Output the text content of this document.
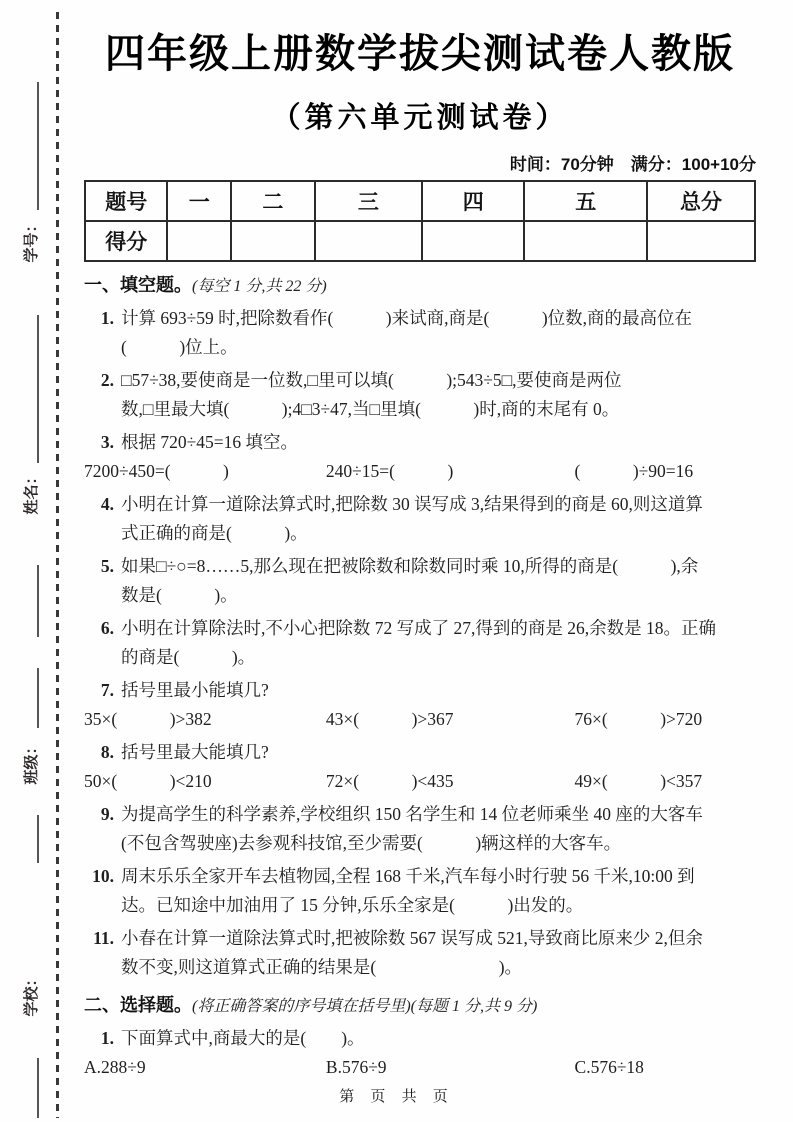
学号：
姓名：
班级：
学校：
四年级上册数学拔尖测试卷人教版
（第六单元测试卷）
时间：70分钟　满分：100+10分
题号	一	二	三	四	五	总分
得分						
一、填空题。(每空 1 分,共 22 分)
1. 计算 693÷59 时,把除数看作(　　　)来试商,商是(　　　)位数,商的最高位在
(　　　)位上。
2. □57÷38,要使商是一位数,□里可以填(　　　);543÷5□,要使商是两位
数,□里最大填(　　　);4□3÷47,当□里填(　　　)时,商的末尾有 0。
3. 根据 720÷45=16 填空。
7200÷450=(　　　)	240÷15=(　　　)	(　　　)÷90=16
4. 小明在计算一道除法算式时,把除数 30 误写成 3,结果得到的商是 60,则这道算
式正确的商是(　　　)。
5. 如果□÷○=8……5,那么现在把被除数和除数同时乘 10,所得的商是(　　　),余
数是(　　　)。
6. 小明在计算除法时,不小心把除数 72 写成了 27,得到的商是 26,余数是 18。正确
的商是(　　　)。
7. 括号里最小能填几?
35×(　　　)>382	43×(　　　)>367	76×(　　　)>720
8. 括号里最大能填几?
50×(　　　)<210	72×(　　　)<435	49×(　　　)<357
9. 为提高学生的科学素养,学校组织 150 名学生和 14 位老师乘坐 40 座的大客车
(不包含驾驶座)去参观科技馆,至少需要(　　　)辆这样的大客车。
10. 周末乐乐全家开车去植物园,全程 168 千米,汽车每小时行驶 56 千米,10:00 到
达。已知途中加油用了 15 分钟,乐乐全家是(　　　)出发的。
11. 小春在计算一道除法算式时,把被除数 567 误写成 521,导致商比原来少 2,但余
数不变,则这道算式正确的结果是(　　　　　　　)。
二、选择题。(将正确答案的序号填在括号里)(每题 1 分,共 9 分)
1. 下面算式中,商最大的是(　　)。
A.288÷9	B.576÷9	C.576÷18
第 页 共 页
